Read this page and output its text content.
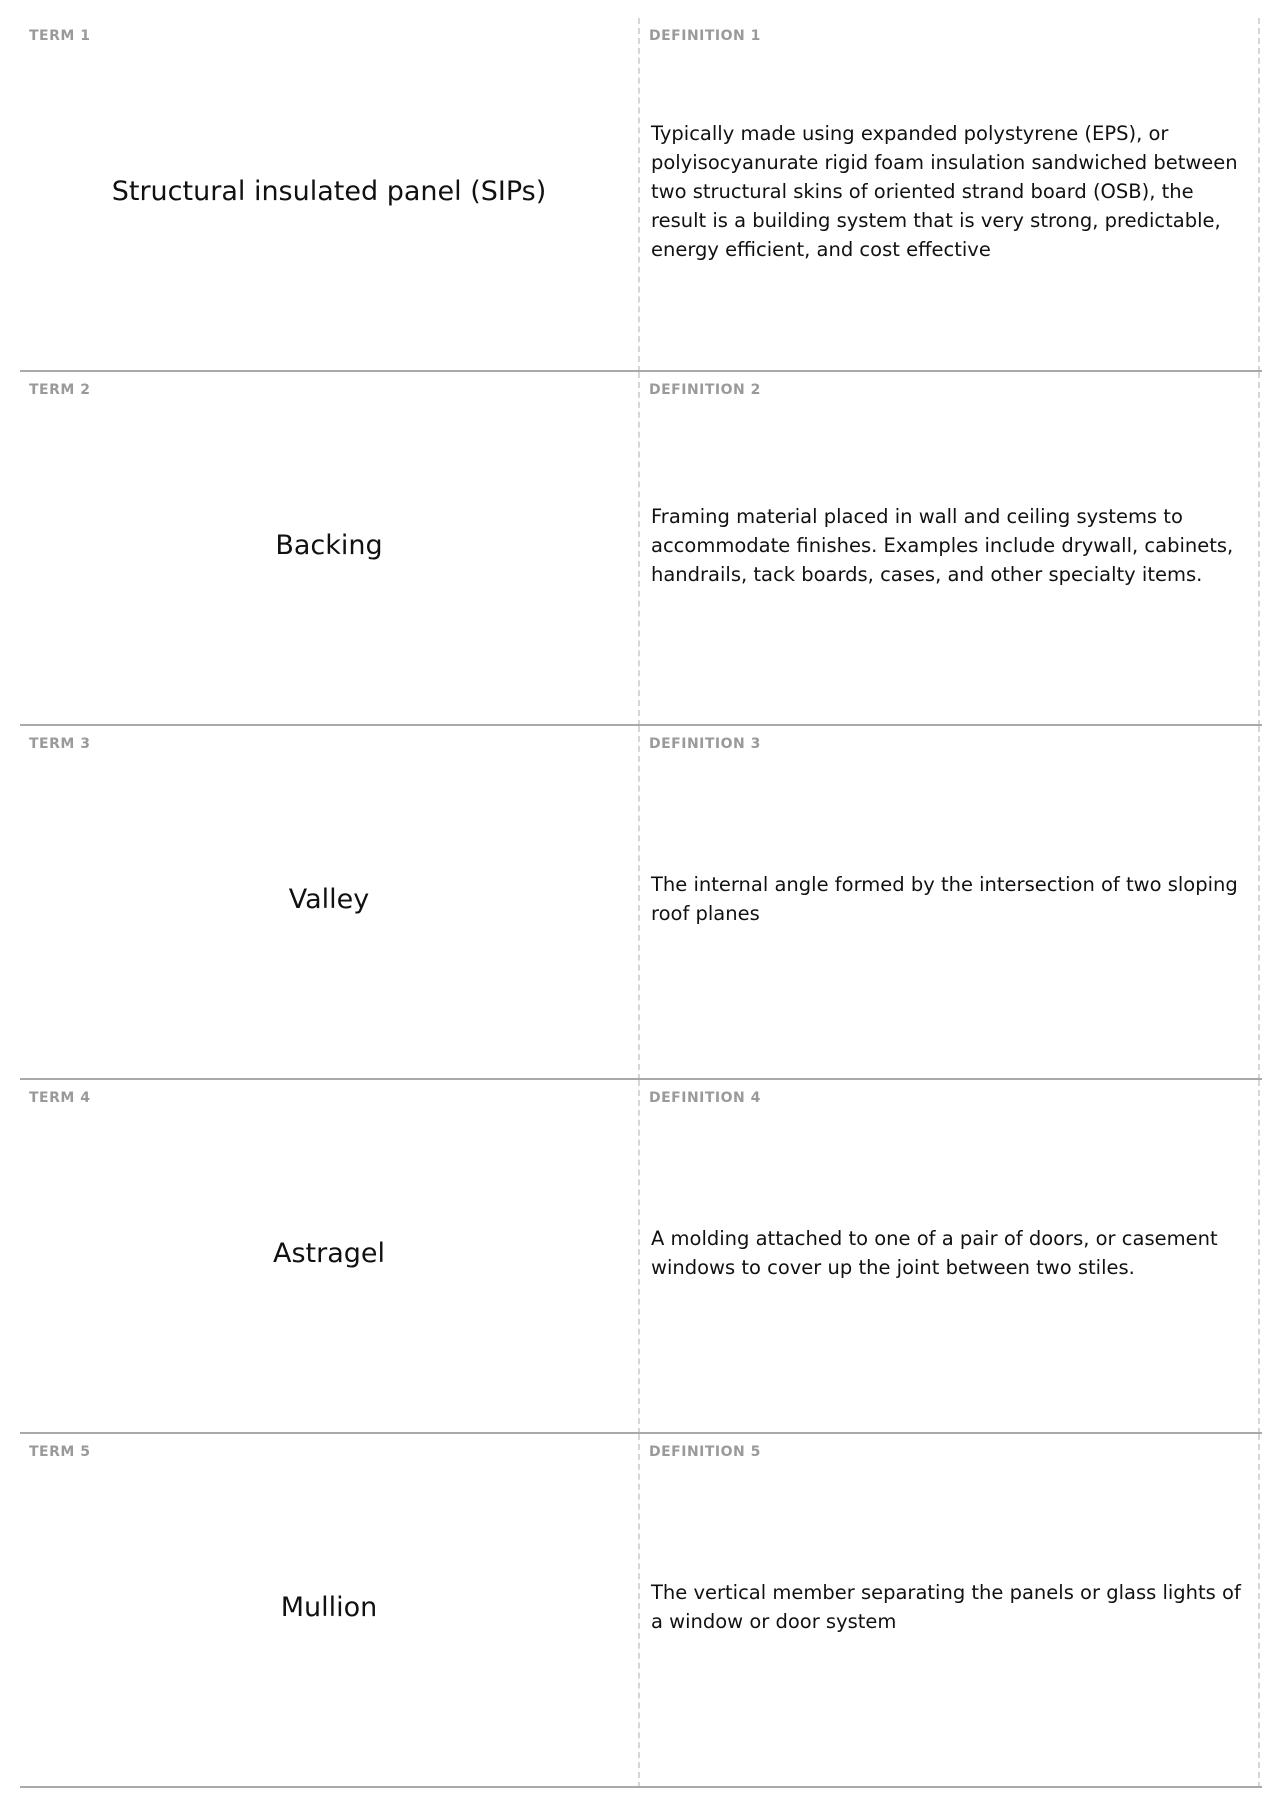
TERM 1
Structural insulated panel (SIPs)
DEFINITION 1
Typically made using expanded polystyrene (EPS), or polyisocyanurate rigid foam insulation sandwiched between two structural skins of oriented strand board (OSB), the result is a building system that is very strong, predictable, energy efficient, and cost effective
TERM 2
Backing
DEFINITION 2
Framing material placed in wall and ceiling systems to accommodate finishes. Examples include drywall, cabinets, handrails, tack boards, cases, and other specialty items.
TERM 3
Valley
DEFINITION 3
The internal angle formed by the intersection of two sloping roof planes
TERM 4
Astragel
DEFINITION 4
A molding attached to one of a pair of doors, or casement windows to cover up the joint between two stiles.
TERM 5
Mullion
DEFINITION 5
The vertical member separating the panels or glass lights of a window or door system
